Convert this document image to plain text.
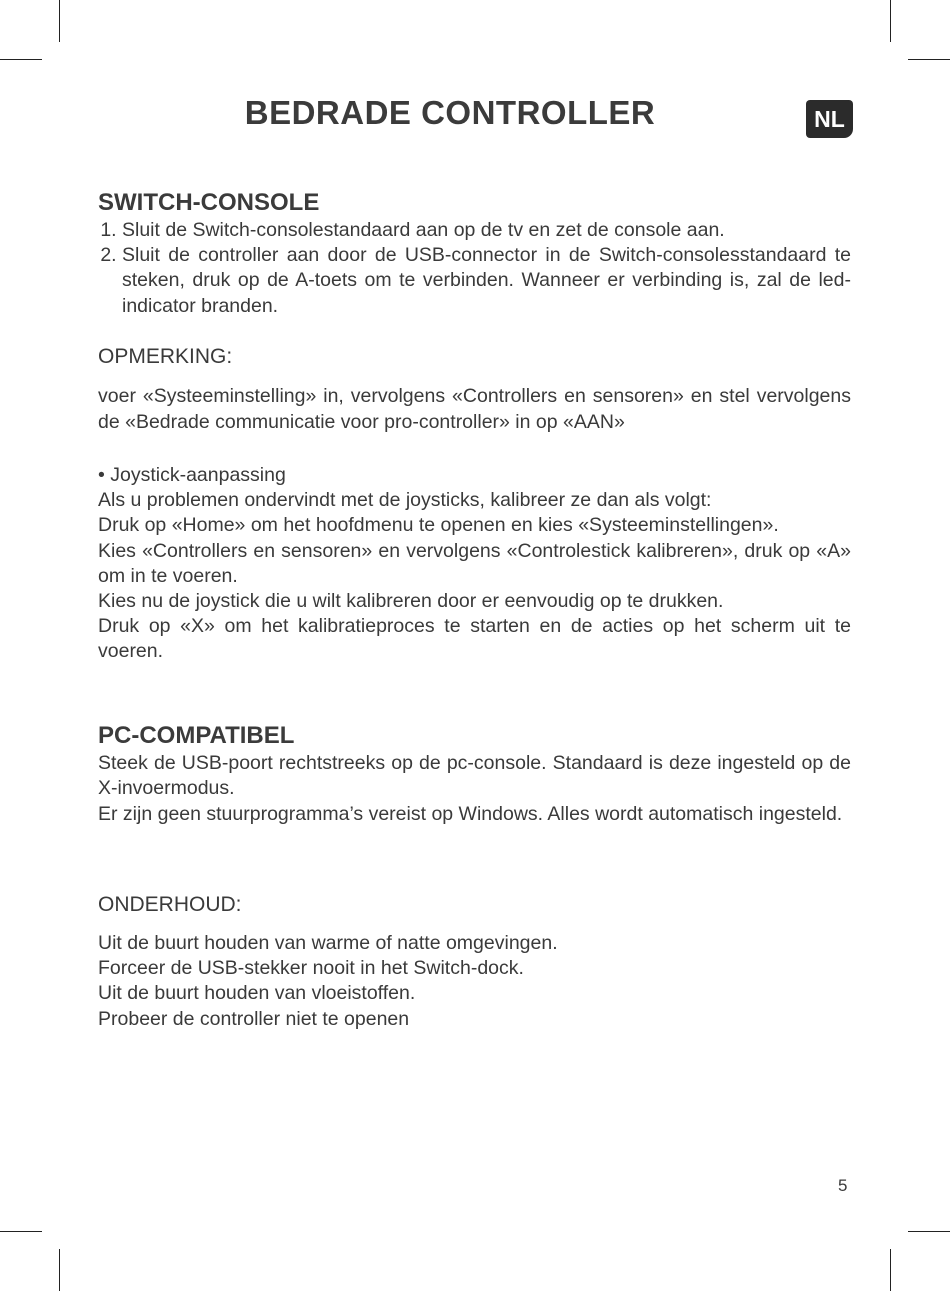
BEDRADE CONTROLLER	NL
SWITCH-CONSOLE
1. Sluit de Switch-consolestandaard aan op de tv en zet de console aan.
2. Sluit de controller aan door de USB-connector in de Switch-consolesstandaard te steken, druk op de A-toets om te verbinden. Wanneer er verbinding is, zal de led-indicator branden.
OPMERKING:

voer «Systeeminstelling» in, vervolgens «Controllers en sensoren» en stel vervolgens de «Bedrade communicatie voor pro-controller» in op «AAN»

• Joystick-aanpassing

Als u problemen ondervindt met de joysticks, kalibreer ze dan als volgt:

Druk op «Home» om het hoofdmenu te openen en kies «Systeeminstellingen».

Kies «Controllers en sensoren» en vervolgens «Controlestick kalibreren», druk op «A» om in te voeren.

Kies nu de joystick die u wilt kalibreren door er eenvoudig op te drukken.

Druk op «X» om het kalibratieproces te starten en de acties op het scherm uit te voeren.

PC-COMPATIBEL

Steek de USB-poort rechtstreeks op de pc-console. Standaard is deze ingesteld op de X-invoermodus.

Er zijn geen stuurprogramma’s vereist op Windows. Alles wordt automatisch ingesteld.

ONDERHOUD:

Uit de buurt houden van warme of natte omgevingen.

Forceer de USB-stekker nooit in het Switch-dock.

Uit de buurt houden van vloeistoffen.

Probeer de controller niet te openen

5
